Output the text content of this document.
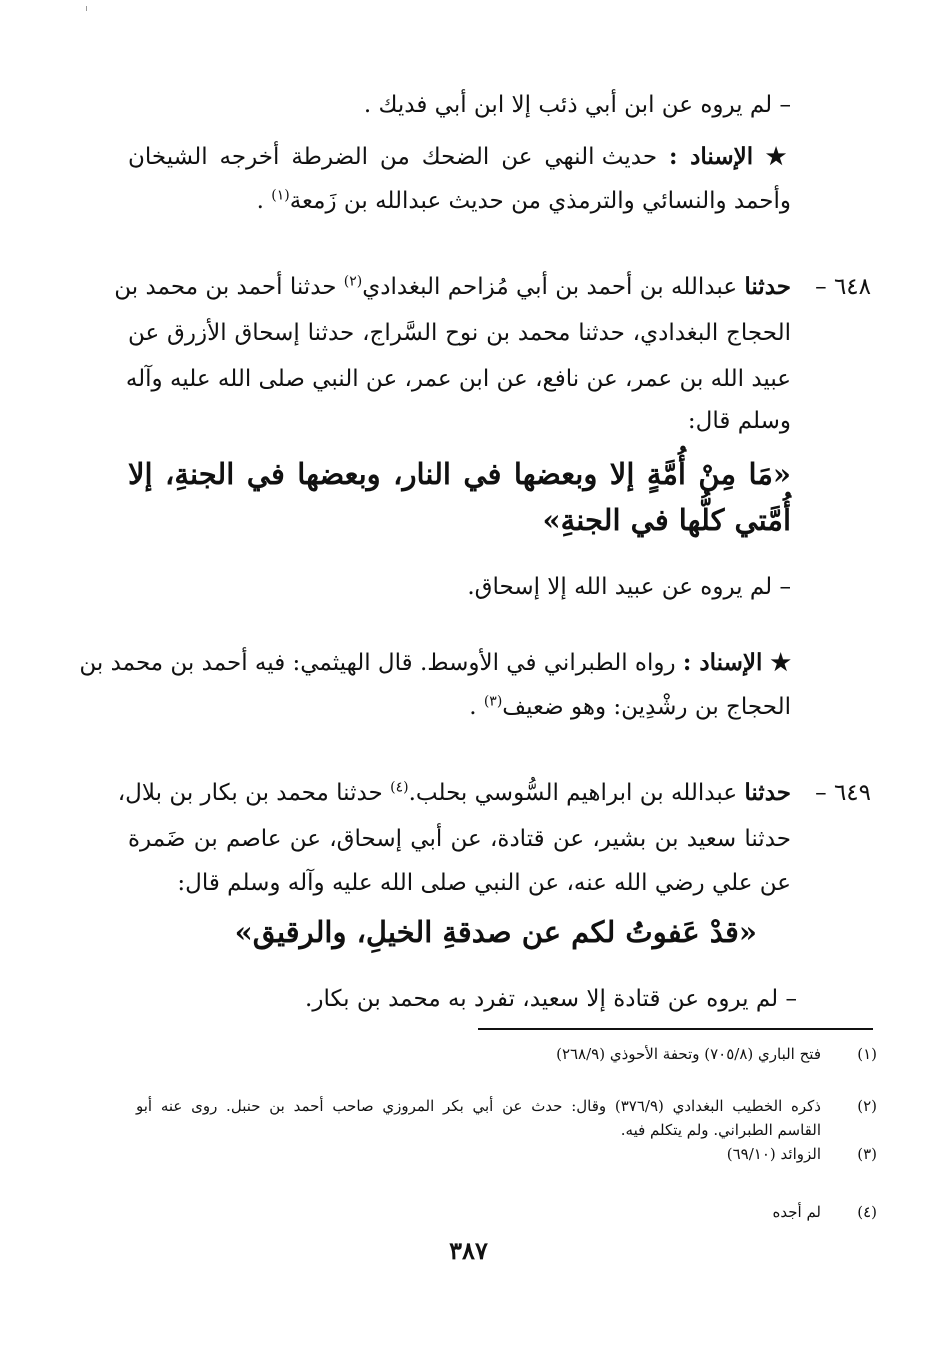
– لم يروه عن ابن أبي ذئب إلا ابن أبي فديك .
★ الإسناد : حديث النهي عن الضحك من الضرطة أخرجه الشيخان
وأحمد والنسائي والترمذي من حديث عبدالله بن زَمعة$^{(١)}$ .
٦٤٨ –
حدثنا عبدالله بن أحمد بن أبي مُزاحم البغدادي$^{(٢)}$ حدثنا أحمد بن محمد بن
الحجاج البغدادي، حدثنا محمد بن نوح السَّراج، حدثنا إسحاق الأزرق عن
عبيد الله بن عمر، عن نافع، عن ابن عمر، عن النبي صلى الله عليه وآله
وسلم قال:
«مَا مِنْ أُمَّةٍ إلا وبعضها في النار، وبعضها في الجنةِ، إلا
أُمَّتي كلُّها في الجنةِ»
– لم يروه عن عبيد الله إلا إسحاق.
★ الإسناد : رواه الطبراني في الأوسط. قال الهيثمي: فيه أحمد بن محمد بن
الحجاج بن رشْدِين: وهو ضعيف$^{(٣)}$ .
٦٤٩ –
حدثنا عبدالله بن ابراهيم السُّوسي بحلب.$^{(٤)}$ حدثنا محمد بن بكار بن بلال،
حدثنا سعيد بن بشير، عن قتادة، عن أبي إسحاق، عن عاصم بن ضَمرة
عن علي رضي الله عنه، عن النبي صلى الله عليه وآله وسلم قال:
«قدْ عَفوتُ لكم عن صدقةِ الخيلِ، والرقيق»
– لم يروه عن قتادة إلا سعيد، تفرد به محمد بن بكار.
(١)
فتح الباري (٧٠٥/٨) وتحفة الأحوذي (٢٦٨/٩)
(٢)
ذكره الخطيب البغدادي (٣٧٦/٩) وقال: حدث عن أبي بكر المروزي صاحب أحمد بن حنبل. روى عنه أبو
القاسم الطبراني. ولم يتكلم فيه.
(٣)
الزوائد (٦٩/١٠)
(٤)
لم أجده
٣٨٧
